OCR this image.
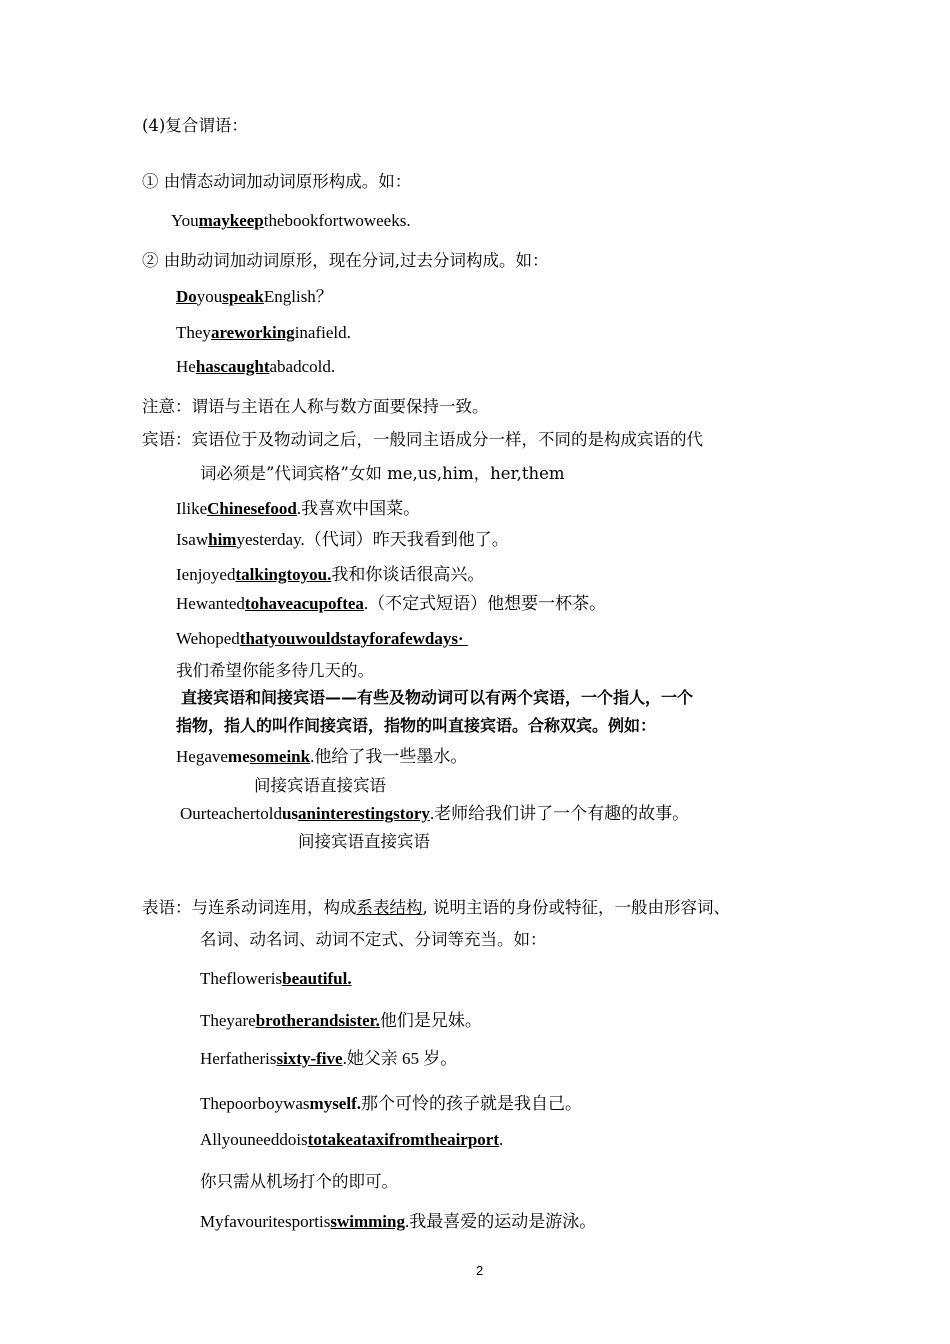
(4)复合谓语：
① 由情态动词加动词原形构成。如：
Youmaykeepthebookfortwoweeks.
② 由助动词加动词原形，现在分词,过去分词构成。如：
DoyouspeakEnglish？
Theyareworkinginafield.
Hehascaughtabadcold.
注意：谓语与主语在人称与数方面要保持一致。
宾语：宾语位于及物动词之后，一般同主语成分一样，不同的是构成宾语的代
词必须是”代词宾格”女如 me,us,him，her,them
IlikeChinesefood.我喜欢中国菜。
Isawhimyesterday.（代词）昨天我看到他了。
Ienjoyedtalkingtoyou.我和你谈话很高兴。
Hewantedtohaveacupoftea.（不定式短语）他想要一杯茶。
Wehopedthatyouwouldstayforafewdays·
我们希望你能多待几天的。
直接宾语和间接宾语——有些及物动词可以有两个宾语，一个指人，一个
指物，指人的叫作间接宾语，指物的叫直接宾语。合称双宾。例如：
Hegavemesomeink.他给了我一些墨水。
间接宾语直接宾语
Ourteachertoldusaninterestingstory.老师给我们讲了一个有趣的故事。
间接宾语直接宾语
表语：与连系动词连用，构成系表结构, 说明主语的身份或特征，一般由形容词、
名词、动名词、动词不定式、分词等充当。如：
Theflowerisbeautiful.
Theyarebrotherandsister.他们是兄妹。
Herfatherissixty-five.她父亲 65 岁。
Thepoorboywasmyself.那个可怜的孩子就是我自己。
Allyouneeddoistotakeataxifromtheairport.
你只需从机场打个的即可。
Myfavouritesportisswimming.我最喜爱的运动是游泳。
2
